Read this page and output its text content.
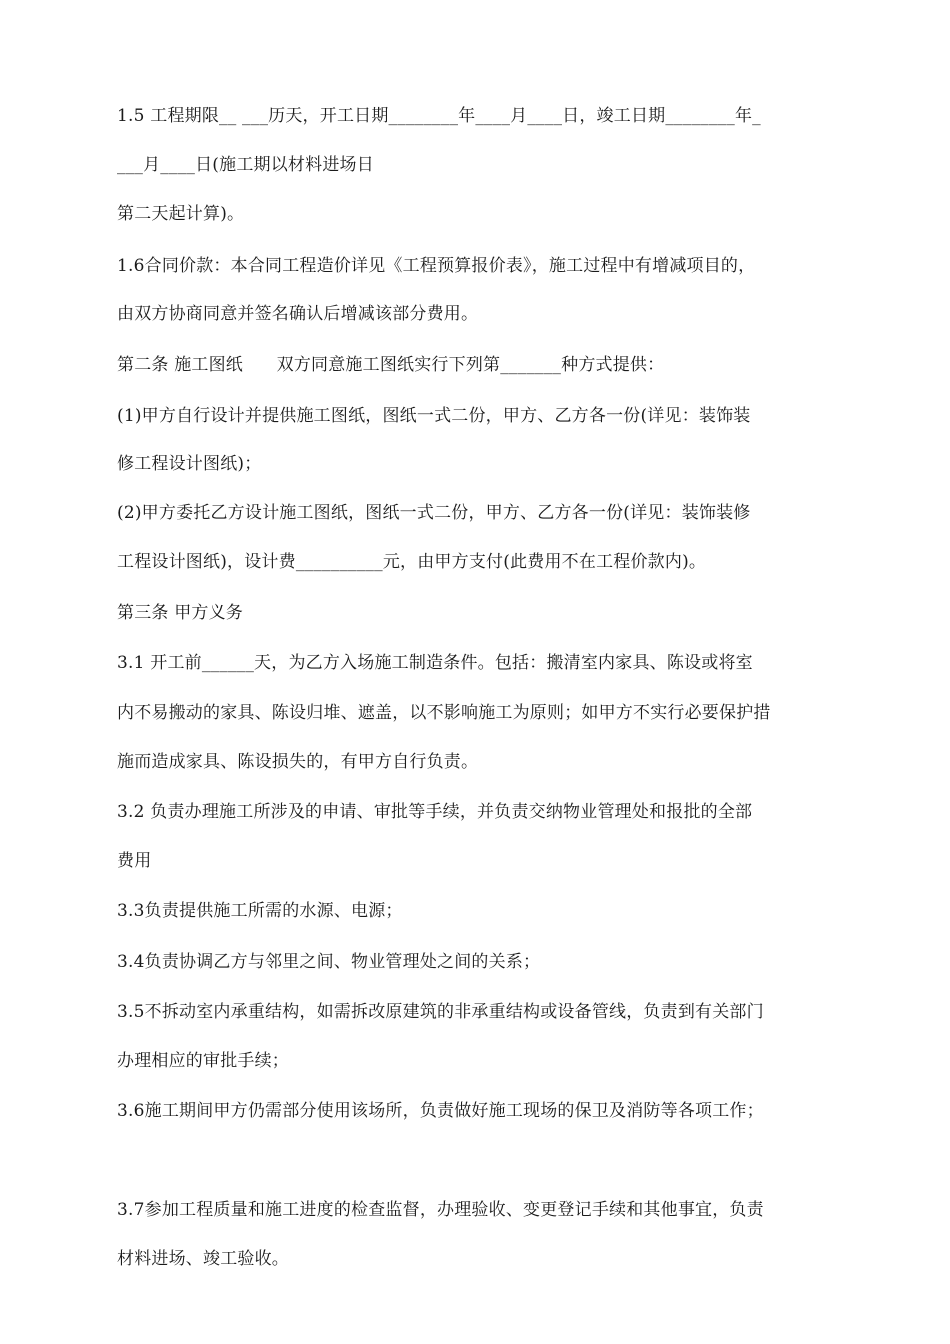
1.5 工程期限__ ___历天，开工日期________年____月____日，竣工日期________年_
___月____日(施工期以材料进场日
第二天起计算)。
1.6合同价款：本合同工程造价详见《工程预算报价表》，施工过程中有增减项目的，
由双方协商同意并签名确认后增减该部分费用。
第二条 施工图纸      双方同意施工图纸实行下列第_______种方式提供：
(1)甲方自行设计并提供施工图纸，图纸一式二份，甲方、乙方各一份(详见：装饰装
修工程设计图纸)；
(2)甲方委托乙方设计施工图纸，图纸一式二份，甲方、乙方各一份(详见：装饰装修
工程设计图纸)，设计费__________元，由甲方支付(此费用不在工程价款内)。
第三条 甲方义务
3.1 开工前______天，为乙方入场施工制造条件。包括：搬清室内家具、陈设或将室
内不易搬动的家具、陈设归堆、遮盖，以不影响施工为原则；如甲方不实行必要保护措
施而造成家具、陈设损失的，有甲方自行负责。
3.2 负责办理施工所涉及的申请、审批等手续，并负责交纳物业管理处和报批的全部
费用
3.3负责提供施工所需的水源、电源；
3.4负责协调乙方与邻里之间、物业管理处之间的关系；
3.5不拆动室内承重结构，如需拆改原建筑的非承重结构或设备管线，负责到有关部门
办理相应的审批手续；
3.6施工期间甲方仍需部分使用该场所，负责做好施工现场的保卫及消防等各项工作；
3.7参加工程质量和施工进度的检查监督，办理验收、变更登记手续和其他事宜，负责
材料进场、竣工验收。
